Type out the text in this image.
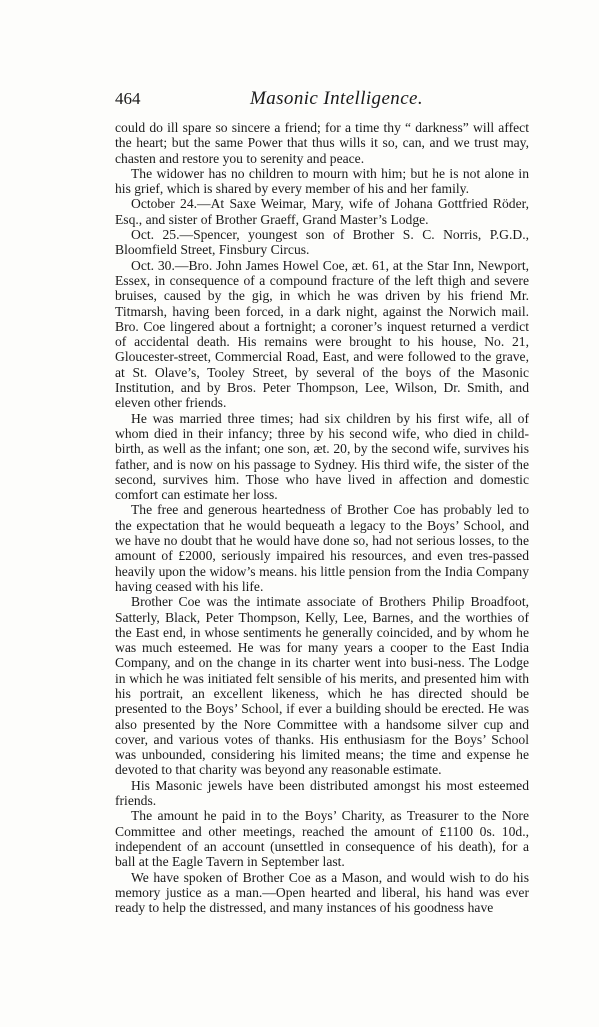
464	Masonic Intelligence.

could do ill spare so sincere a friend; for a time thy “ darkness” will affect the heart; but the same Power that thus wills it so, can, and we trust may, chasten and restore you to serenity and peace.

The widower has no children to mourn with him; but he is not alone in his grief, which is shared by every member of his and her family.

October 24.—At Saxe Weimar, Mary, wife of Johana Gottfried Röder, Esq., and sister of Brother Graeff, Grand Master’s Lodge.

Oct. 25.—Spencer, youngest son of Brother S. C. Norris, P.G.D., Bloomfield Street, Finsbury Circus.

Oct. 30.—Bro. John James Howel Coe, æt. 61, at the Star Inn, Newport, Essex, in consequence of a compound fracture of the left thigh and severe bruises, caused by the gig, in which he was driven by his friend Mr. Titmarsh, having been forced, in a dark night, against the Norwich mail. Bro. Coe lingered about a fortnight; a coroner’s inquest returned a verdict of accidental death. His remains were brought to his house, No. 21, Gloucester-street, Commercial Road, East, and were followed to the grave, at St. Olave’s, Tooley Street, by several of the boys of the Masonic Institution, and by Bros. Peter Thompson, Lee, Wilson, Dr. Smith, and eleven other friends.

He was married three times; had six children by his first wife, all of whom died in their infancy; three by his second wife, who died in child-birth, as well as the infant; one son, æt. 20, by the second wife, survives his father, and is now on his passage to Sydney. His third wife, the sister of the second, survives him. Those who have lived in affection and domestic comfort can estimate her loss.

The free and generous heartedness of Brother Coe has probably led to the expectation that he would bequeath a legacy to the Boys’ School, and we have no doubt that he would have done so, had not serious losses, to the amount of £2000, seriously impaired his resources, and even tres-passed heavily upon the widow’s means. his little pension from the India Company having ceased with his life.

Brother Coe was the intimate associate of Brothers Philip Broadfoot, Satterly, Black, Peter Thompson, Kelly, Lee, Barnes, and the worthies of the East end, in whose sentiments he generally coincided, and by whom he was much esteemed. He was for many years a cooper to the East India Company, and on the change in its charter went into busi-ness. The Lodge in which he was initiated felt sensible of his merits, and presented him with his portrait, an excellent likeness, which he has directed should be presented to the Boys’ School, if ever a building should be erected. He was also presented by the Nore Committee with a handsome silver cup and cover, and various votes of thanks. His enthusiasm for the Boys’ School was unbounded, considering his limited means; the time and expense he devoted to that charity was beyond any reasonable estimate.

His Masonic jewels have been distributed amongst his most esteemed friends.

The amount he paid in to the Boys’ Charity, as Treasurer to the Nore Committee and other meetings, reached the amount of £1100 0s. 10d., independent of an account (unsettled in consequence of his death), for a ball at the Eagle Tavern in September last.

We have spoken of Brother Coe as a Mason, and would wish to do his memory justice as a man.—Open hearted and liberal, his hand was ever ready to help the distressed, and many instances of his goodness have
